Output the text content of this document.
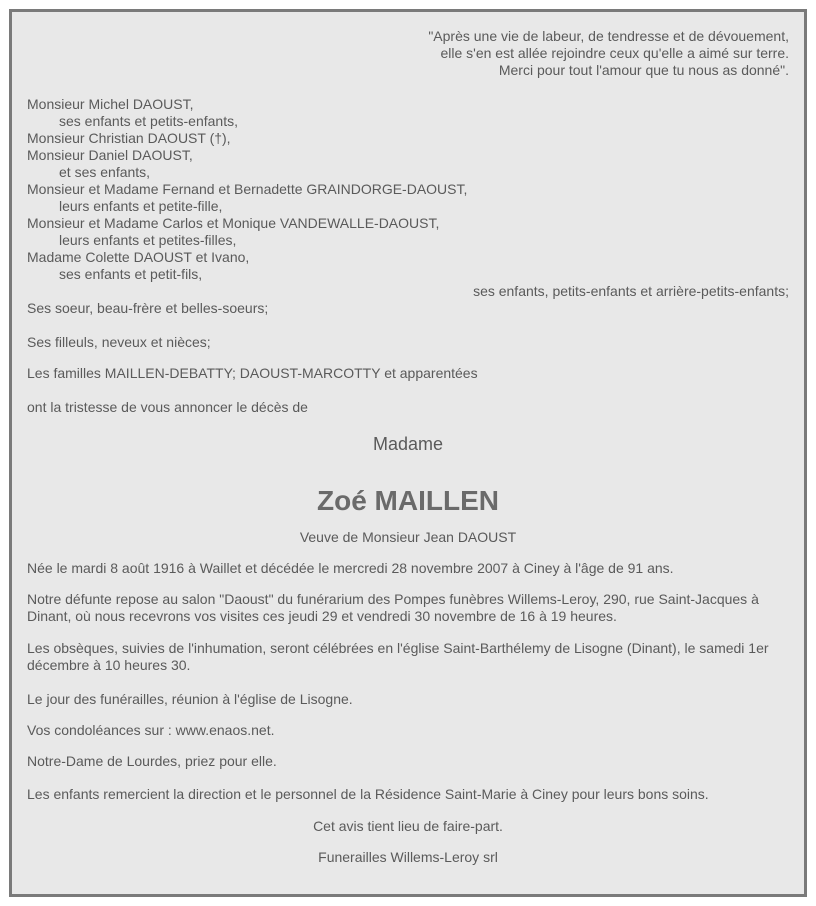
"Après une vie de labeur, de tendresse et de dévouement,
elle s'en est allée rejoindre ceux qu'elle a aimé sur terre.
Merci pour tout l'amour que tu nous as donné".

Monsieur Michel DAOUST,

ses enfants et petits-enfants,

Monsieur Christian DAOUST (†),

Monsieur Daniel DAOUST,

et ses enfants,

Monsieur et Madame Fernand et Bernadette GRAINDORGE-DAOUST,

leurs enfants et petite-fille,

Monsieur et Madame Carlos et Monique VANDEWALLE-DAOUST,

leurs enfants et petites-filles,

Madame Colette DAOUST et Ivano,

ses enfants et petit-fils,

ses enfants, petits-enfants et arrière-petits-enfants;

Ses soeur, beau-frère et belles-soeurs;

Ses filleuls, neveux et nièces;

Les familles MAILLEN-DEBATTY; DAOUST-MARCOTTY et apparentées

ont la tristesse de vous annoncer le décès de

Madame
Zoé MAILLEN

Veuve de Monsieur Jean DAOUST

Née le mardi 8 août 1916 à Waillet et décédée le mercredi 28 novembre 2007 à Ciney à l'âge de 91 ans.

Notre défunte repose au salon "Daoust" du funérarium des Pompes funèbres Willems-Leroy, 290, rue Saint-Jacques à Dinant, où nous recevrons vos visites ces jeudi 29 et vendredi 30 novembre de 16 à 19 heures.

Les obsèques, suivies de l'inhumation, seront célébrées en l'église Saint-Barthélemy de Lisogne (Dinant), le samedi 1er décembre à 10 heures 30.

Le jour des funérailles, réunion à l'église de Lisogne.

Vos condoléances sur : www.enaos.net.

Notre-Dame de Lourdes, priez pour elle.

Les enfants remercient la direction et le personnel de la Résidence Saint-Marie à Ciney pour leurs bons soins.

Cet avis tient lieu de faire-part.

Funerailles Willems-Leroy srl
